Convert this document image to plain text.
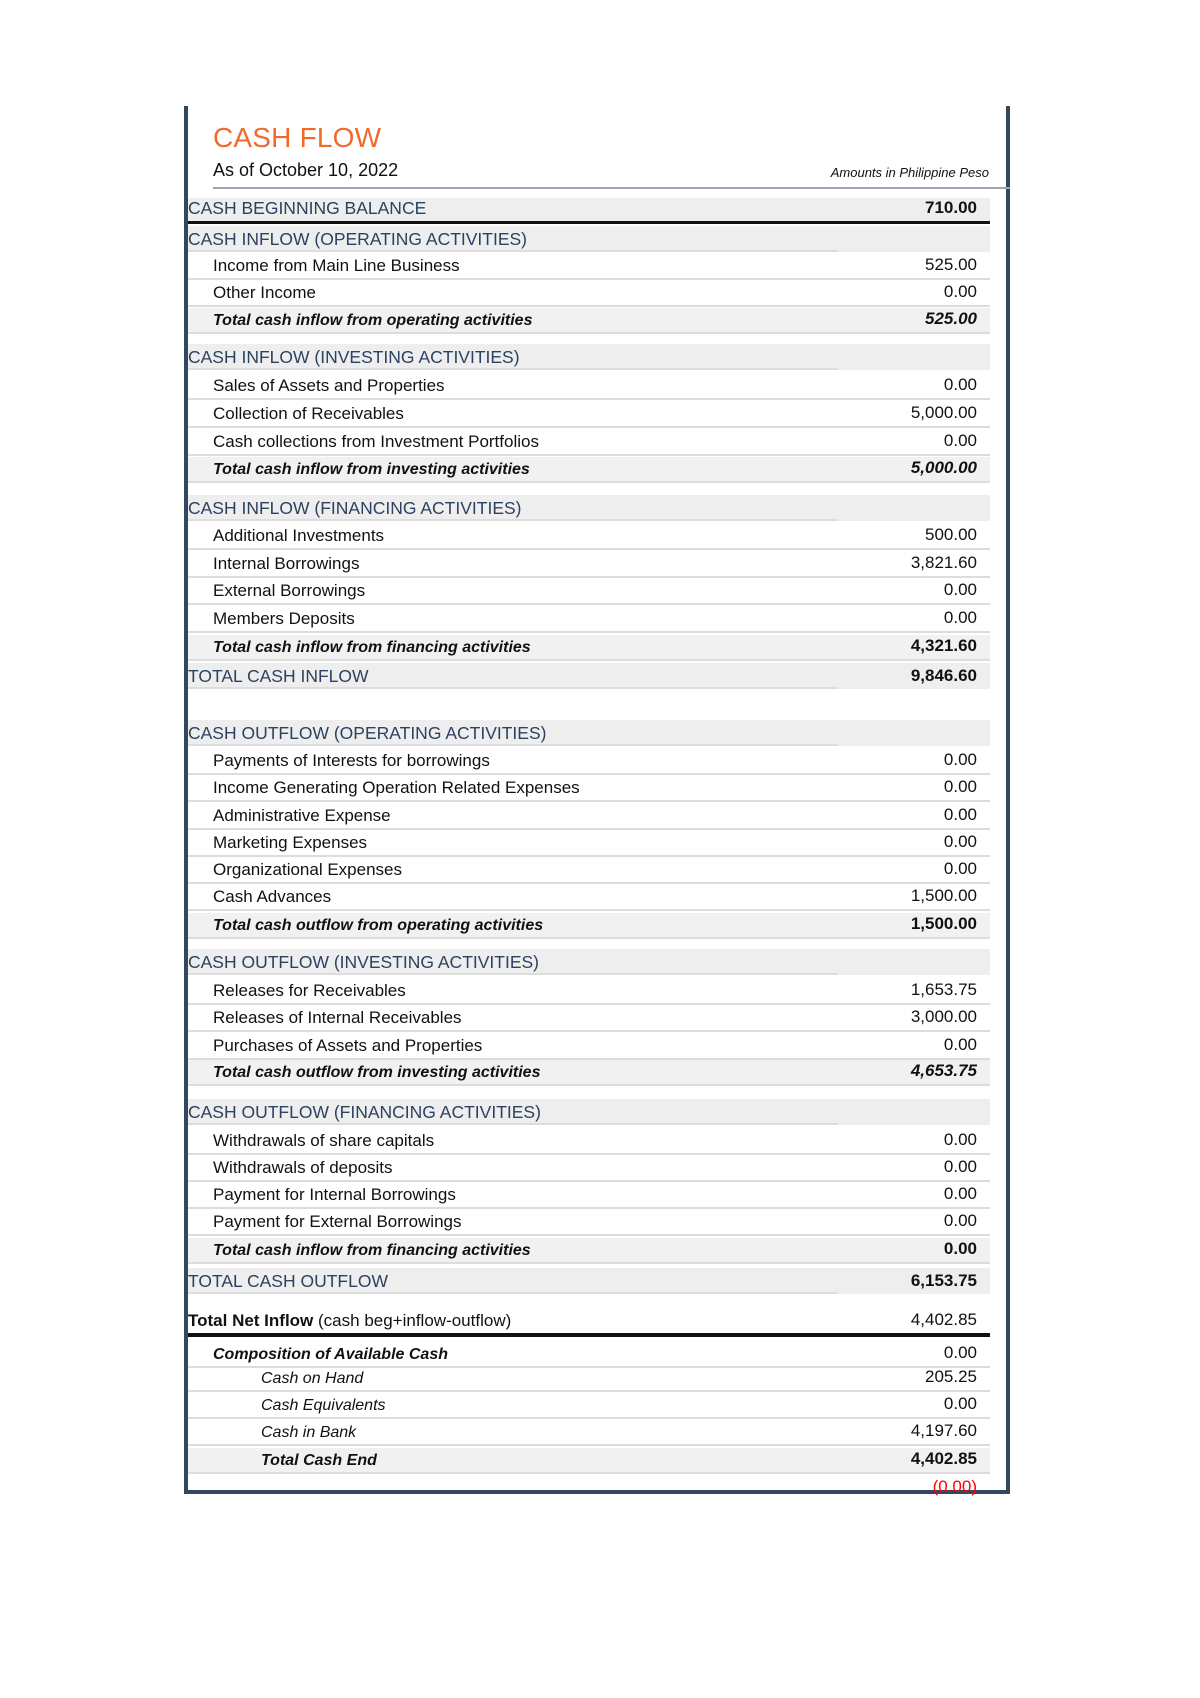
CASH FLOW
As of October 10, 2022	Amounts in Philippine Peso
CASH BEGINNING BALANCE	710.00
CASH INFLOW (OPERATING ACTIVITIES)
Income from Main Line Business	525.00
Other Income	0.00
Total cash inflow from operating activities	525.00
CASH INFLOW (INVESTING ACTIVITIES)
Sales of Assets and Properties	0.00
Collection of Receivables	5,000.00
Cash collections from Investment Portfolios	0.00
Total cash inflow from investing activities	5,000.00
CASH INFLOW (FINANCING ACTIVITIES)
Additional Investments	500.00
Internal Borrowings	3,821.60
External Borrowings	0.00
Members Deposits	0.00
Total cash inflow from financing activities	4,321.60
TOTAL CASH INFLOW	9,846.60
CASH OUTFLOW (OPERATING ACTIVITIES)
Payments of Interests for borrowings	0.00
Income Generating Operation Related Expenses	0.00
Administrative Expense	0.00
Marketing Expenses	0.00
Organizational Expenses	0.00
Cash Advances	1,500.00
Total cash outflow from operating activities	1,500.00
CASH OUTFLOW (INVESTING ACTIVITIES)
Releases for Receivables	1,653.75
Releases of Internal Receivables	3,000.00
Purchases of Assets and Properties	0.00
Total cash outflow from investing activities	4,653.75
CASH OUTFLOW (FINANCING ACTIVITIES)
Withdrawals of share capitals	0.00
Withdrawals of deposits	0.00
Payment for Internal Borrowings	0.00
Payment for External Borrowings	0.00
Total cash inflow from financing activities	0.00
TOTAL CASH OUTFLOW	6,153.75
Total Net Inflow (cash beg+inflow-outflow)	4,402.85
Composition of Available Cash	0.00
Cash on Hand	205.25
Cash Equivalents	0.00
Cash in Bank	4,197.60
Total Cash End	4,402.85
(0.00)
